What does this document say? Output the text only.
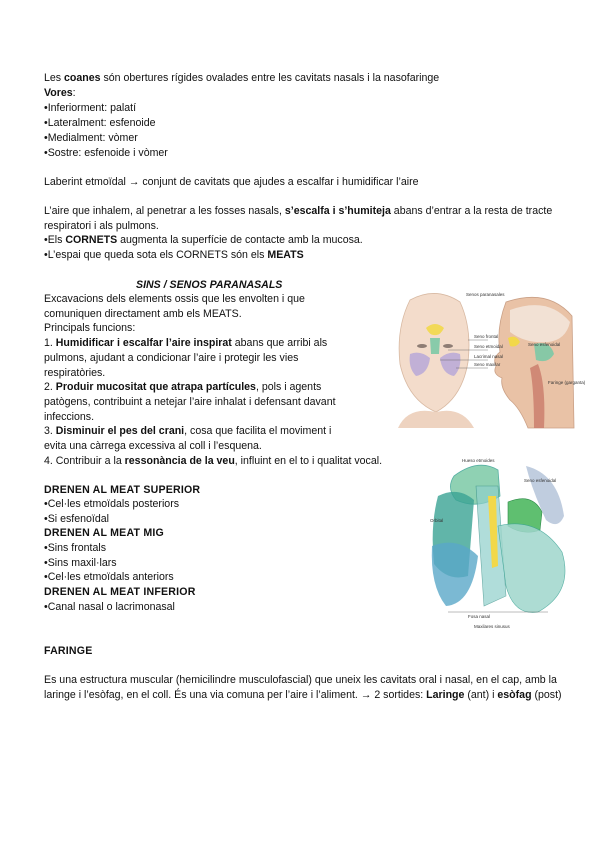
Les coanes són obertures rígides ovalades entre les cavitats nasals i la nasofaringe
Vores:
•Inferiorment: palatí
•Lateralment: esfenoide
•Medialment: vòmer
•Sostre: esfenoide i vòmer
Laberint etmoïdal → conjunt de cavitats que ajudes a escalfar i humidificar l’aire
L’aire que inhalem, al penetrar a les fosses nasals, s’escalfa i s’humiteja abans d’entrar a la resta de tracte respiratori i als pulmons.
•Els CORNETS augmenta la superfície de contacte amb la mucosa.
•L’espai que queda sota els CORNETS són els MEATS
SINS / SENOS PARANASALS
Excavacions dels elements ossis que les envolten i que comuniquen directament amb els MEATS.
Principals funcions:
1. Humidificar i escalfar l’aire inspirat abans que arribi als pulmons, ajudant a condicionar l’aire i protegir les vies respiratòries.
2. Produir mucositat que atrapa partícules, pols i agents patògens, contribuint a netejar l’aire inhalat i defensant davant infeccions.
3. Disminuir el pes del crani, cosa que facilita el moviment i evita una càrrega excessiva al coll i l’esquena.
4. Contribuir a la ressonància de la veu, influint en el to i qualitat vocal.
DRENEN AL MEAT SUPERIOR
•Cel·les etmoïdals posteriors
•Si esfenoïdal
DRENEN AL MEAT MIG
•Sins frontals
•Sins maxil·lars
•Cel·les etmoïdals anteriors
DRENEN AL MEAT INFERIOR
•Canal nasal o lacrimonasal
FARINGE
Es una estructura muscular (hemicilindre musculofascial) que uneix les cavitats oral i nasal, en el cap, amb la laringe i l’esòfag, en el coll. És una via comuna per l’aire i l’aliment. → 2 sortides: Laringe (ant) i esòfag (post)
Senos paranasales
Seno frontal
Seno etmoidal
Lacrimal nasal
Seno maxilar
Seno esfenoidal
Faringe (garganta)
Hueso etmoides
Seno esfenoidal
Orbital
Fosa nasal
Maxilares sinusus
